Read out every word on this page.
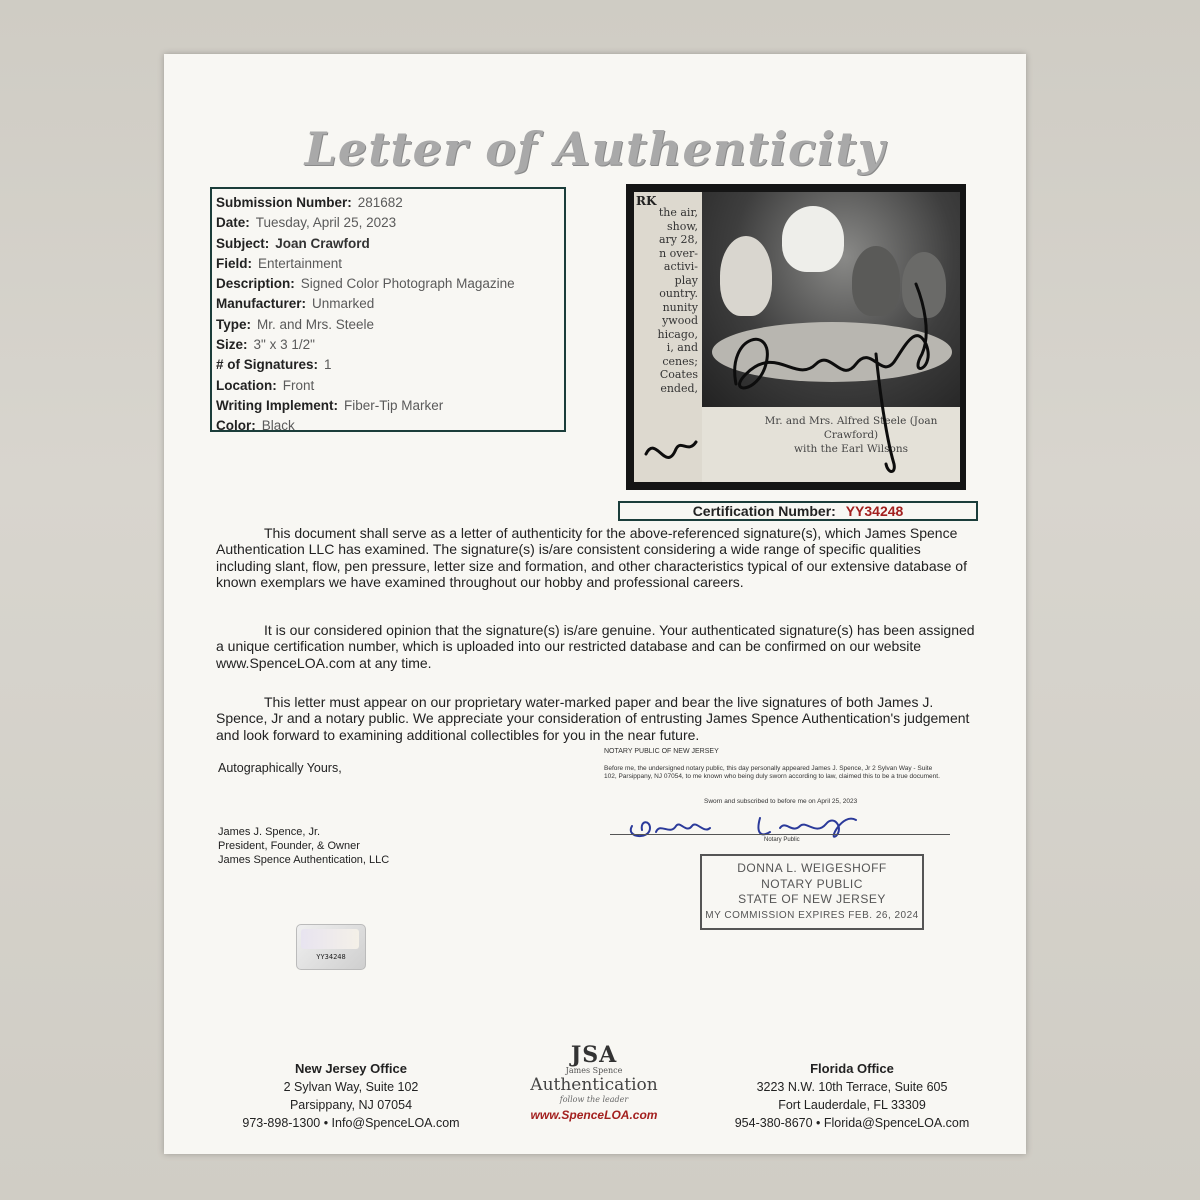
Letter of Authenticity
Submission Number: 281682
Date: Tuesday, April 25, 2023
Subject: Joan Crawford
Field: Entertainment
Description: Signed Color Photograph Magazine
Manufacturer: Unmarked
Type: Mr. and Mrs. Steele
Size: 3" x 3 1/2"
# of Signatures: 1
Location: Front
Writing Implement: Fiber-Tip Marker
Color: Black
RK
the air,
show,
ary 28,
n over-
activi-
play
ountry.
nunity
ywood
hicago,
i, and
cenes;
Coates
ended,
Mr. and Mrs. Alfred Steele (Joan Crawford)
with the Earl Wilsons
Certification Number: YY34248
This document shall serve as a letter of authenticity for the above-referenced signature(s), which James Spence Authentication LLC has examined. The signature(s) is/are consistent considering a wide range of specific qualities including slant, flow, pen pressure, letter size and formation, and other characteristics typical of our extensive database of known exemplars we have examined throughout our hobby and professional careers.
It is our considered opinion that the signature(s) is/are genuine. Your authenticated signature(s) has been assigned a unique certification number, which is uploaded into our restricted database and can be confirmed on our website www.SpenceLOA.com at any time.
This letter must appear on our proprietary water-marked paper and bear the live signatures of both James J. Spence, Jr and a notary public. We appreciate your consideration of entrusting James Spence Authentication's judgement and look forward to examining additional collectibles for you in the near future.
Autographically Yours,
James J. Spence, Jr.
President, Founder, & Owner
James Spence Authentication, LLC
NOTARY PUBLIC OF NEW JERSEY
Before me, the undersigned notary public, this day personally appeared James J. Spence, Jr 2 Sylvan Way - Suite 102, Parsippany, NJ 07054, to me known who being duly sworn according to law, claimed this to be a true document.
Sworn and subscribed to before me on April 25, 2023
Notary Public
DONNA L. WEIGESHOFF
NOTARY PUBLIC
STATE OF NEW JERSEY
MY COMMISSION EXPIRES FEB. 26, 2024
YY34248
New Jersey Office
2 Sylvan Way, Suite 102
Parsippany, NJ 07054
973-898-1300 • Info@SpenceLOA.com
JSA
James Spence
Authentication
follow the leader
www.SpenceLOA.com
Florida Office
3223 N.W. 10th Terrace, Suite 605
Fort Lauderdale, FL 33309
954-380-8670 • Florida@SpenceLOA.com
